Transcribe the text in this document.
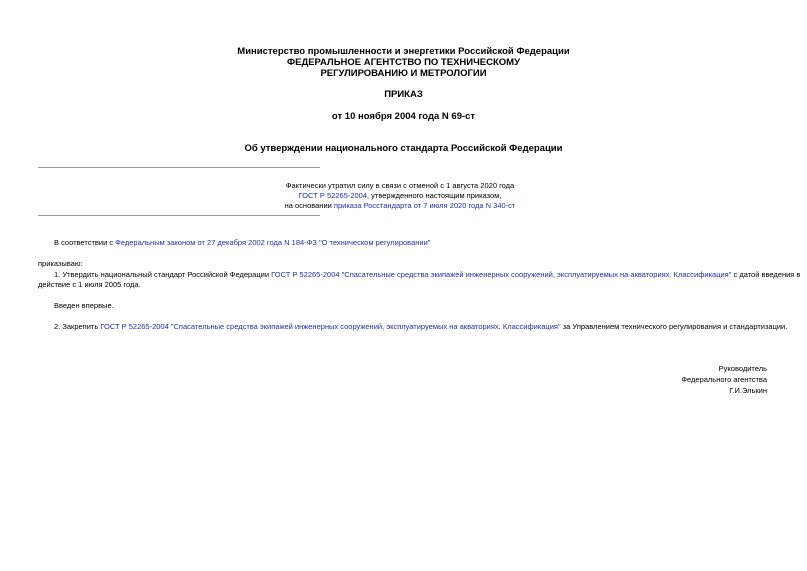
Министерство промышленности и энергетики Российской Федерации
ФЕДЕРАЛЬНОЕ АГЕНТСТВО ПО ТЕХНИЧЕСКОМУ
РЕГУЛИРОВАНИЮ И МЕТРОЛОГИИ
ПРИКАЗ
от 10 ноября 2004 года N 69-ст
Об утверждении национального стандарта Российской Федерации
Фактически утратил силу в связи с отменой с 1 августа 2020 года
ГОСТ Р 52265-2004, утвержденного настоящим приказом,
на основании приказа Росстандарта от 7 июля 2020 года N 340-ст
В соответствии с Федеральным законом от 27 декабря 2002 года N 184-ФЗ "О техническом регулировании"
приказываю:
1. Утвердить национальный стандарт Российской Федерации ГОСТ Р 52265-2004 "Спасательные средства экипажей инженерных сооружений, эксплуатируемых на акваториях. Классификация" с датой введения в
действие с 1 июля 2005 года.
Введен впервые.
2. Закрепить ГОСТ Р 52265-2004 "Спасательные средства экипажей инженерных сооружений, эксплуатируемых на акваториях. Классификация" за Управлением технического регулирования и стандартизации.
Руководитель
Федерального агентства
Г.И.Элькин
